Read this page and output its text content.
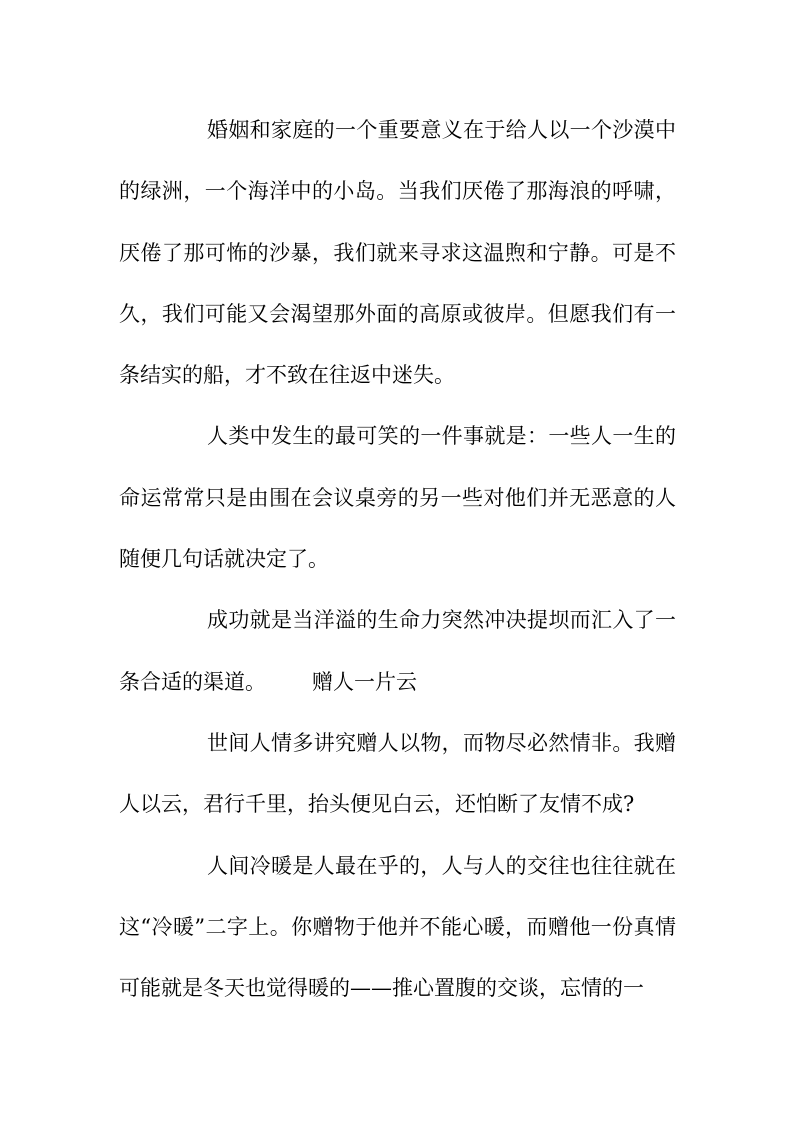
婚姻和家庭的一个重要意义在于给人以一个沙漠中的绿洲，一个海洋中的小岛。当我们厌倦了那海浪的呼啸，厌倦了那可怖的沙暴，我们就来寻求这温煦和宁静。可是不久，我们可能又会渴望那外面的高原或彼岸。但愿我们有一条结实的船，才不致在往返中迷失。

人类中发生的最可笑的一件事就是：一些人一生的命运常常只是由围在会议桌旁的另一些对他们并无恶意的人随便几句话就决定了。

成功就是当洋溢的生命力突然冲决提坝而汇入了一条合适的渠道。 赠人一片云

世间人情多讲究赠人以物，而物尽必然情非。我赠人以云，君行千里，抬头便见白云，还怕断了友情不成?

人间冷暖是人最在乎的，人与人的交往也往往就在这“冷暖”二字上。你赠物于他并不能心暖，而赠他一份真情可能就是冬天也觉得暖的——推心置腹的交谈，忘情的一
